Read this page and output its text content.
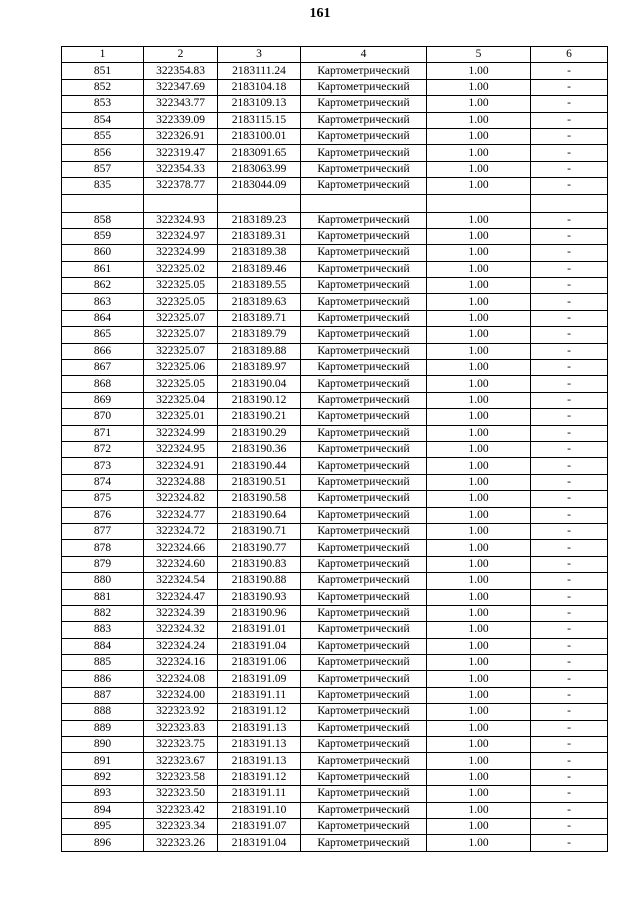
161
1	2	3	4	5	6
851	322354.83	2183111.24	Картометрический	1.00	-
852	322347.69	2183104.18	Картометрический	1.00	-
853	322343.77	2183109.13	Картометрический	1.00	-
854	322339.09	2183115.15	Картометрический	1.00	-
855	322326.91	2183100.01	Картометрический	1.00	-
856	322319.47	2183091.65	Картометрический	1.00	-
857	322354.33	2183063.99	Картометрический	1.00	-
835	322378.77	2183044.09	Картометрический	1.00	-

858	322324.93	2183189.23	Картометрический	1.00	-
859	322324.97	2183189.31	Картометрический	1.00	-
860	322324.99	2183189.38	Картометрический	1.00	-
861	322325.02	2183189.46	Картометрический	1.00	-
862	322325.05	2183189.55	Картометрический	1.00	-
863	322325.05	2183189.63	Картометрический	1.00	-
864	322325.07	2183189.71	Картометрический	1.00	-
865	322325.07	2183189.79	Картометрический	1.00	-
866	322325.07	2183189.88	Картометрический	1.00	-
867	322325.06	2183189.97	Картометрический	1.00	-
868	322325.05	2183190.04	Картометрический	1.00	-
869	322325.04	2183190.12	Картометрический	1.00	-
870	322325.01	2183190.21	Картометрический	1.00	-
871	322324.99	2183190.29	Картометрический	1.00	-
872	322324.95	2183190.36	Картометрический	1.00	-
873	322324.91	2183190.44	Картометрический	1.00	-
874	322324.88	2183190.51	Картометрический	1.00	-
875	322324.82	2183190.58	Картометрический	1.00	-
876	322324.77	2183190.64	Картометрический	1.00	-
877	322324.72	2183190.71	Картометрический	1.00	-
878	322324.66	2183190.77	Картометрический	1.00	-
879	322324.60	2183190.83	Картометрический	1.00	-
880	322324.54	2183190.88	Картометрический	1.00	-
881	322324.47	2183190.93	Картометрический	1.00	-
882	322324.39	2183190.96	Картометрический	1.00	-
883	322324.32	2183191.01	Картометрический	1.00	-
884	322324.24	2183191.04	Картометрический	1.00	-
885	322324.16	2183191.06	Картометрический	1.00	-
886	322324.08	2183191.09	Картометрический	1.00	-
887	322324.00	2183191.11	Картометрический	1.00	-
888	322323.92	2183191.12	Картометрический	1.00	-
889	322323.83	2183191.13	Картометрический	1.00	-
890	322323.75	2183191.13	Картометрический	1.00	-
891	322323.67	2183191.13	Картометрический	1.00	-
892	322323.58	2183191.12	Картометрический	1.00	-
893	322323.50	2183191.11	Картометрический	1.00	-
894	322323.42	2183191.10	Картометрический	1.00	-
895	322323.34	2183191.07	Картометрический	1.00	-
896	322323.26	2183191.04	Картометрический	1.00	-
